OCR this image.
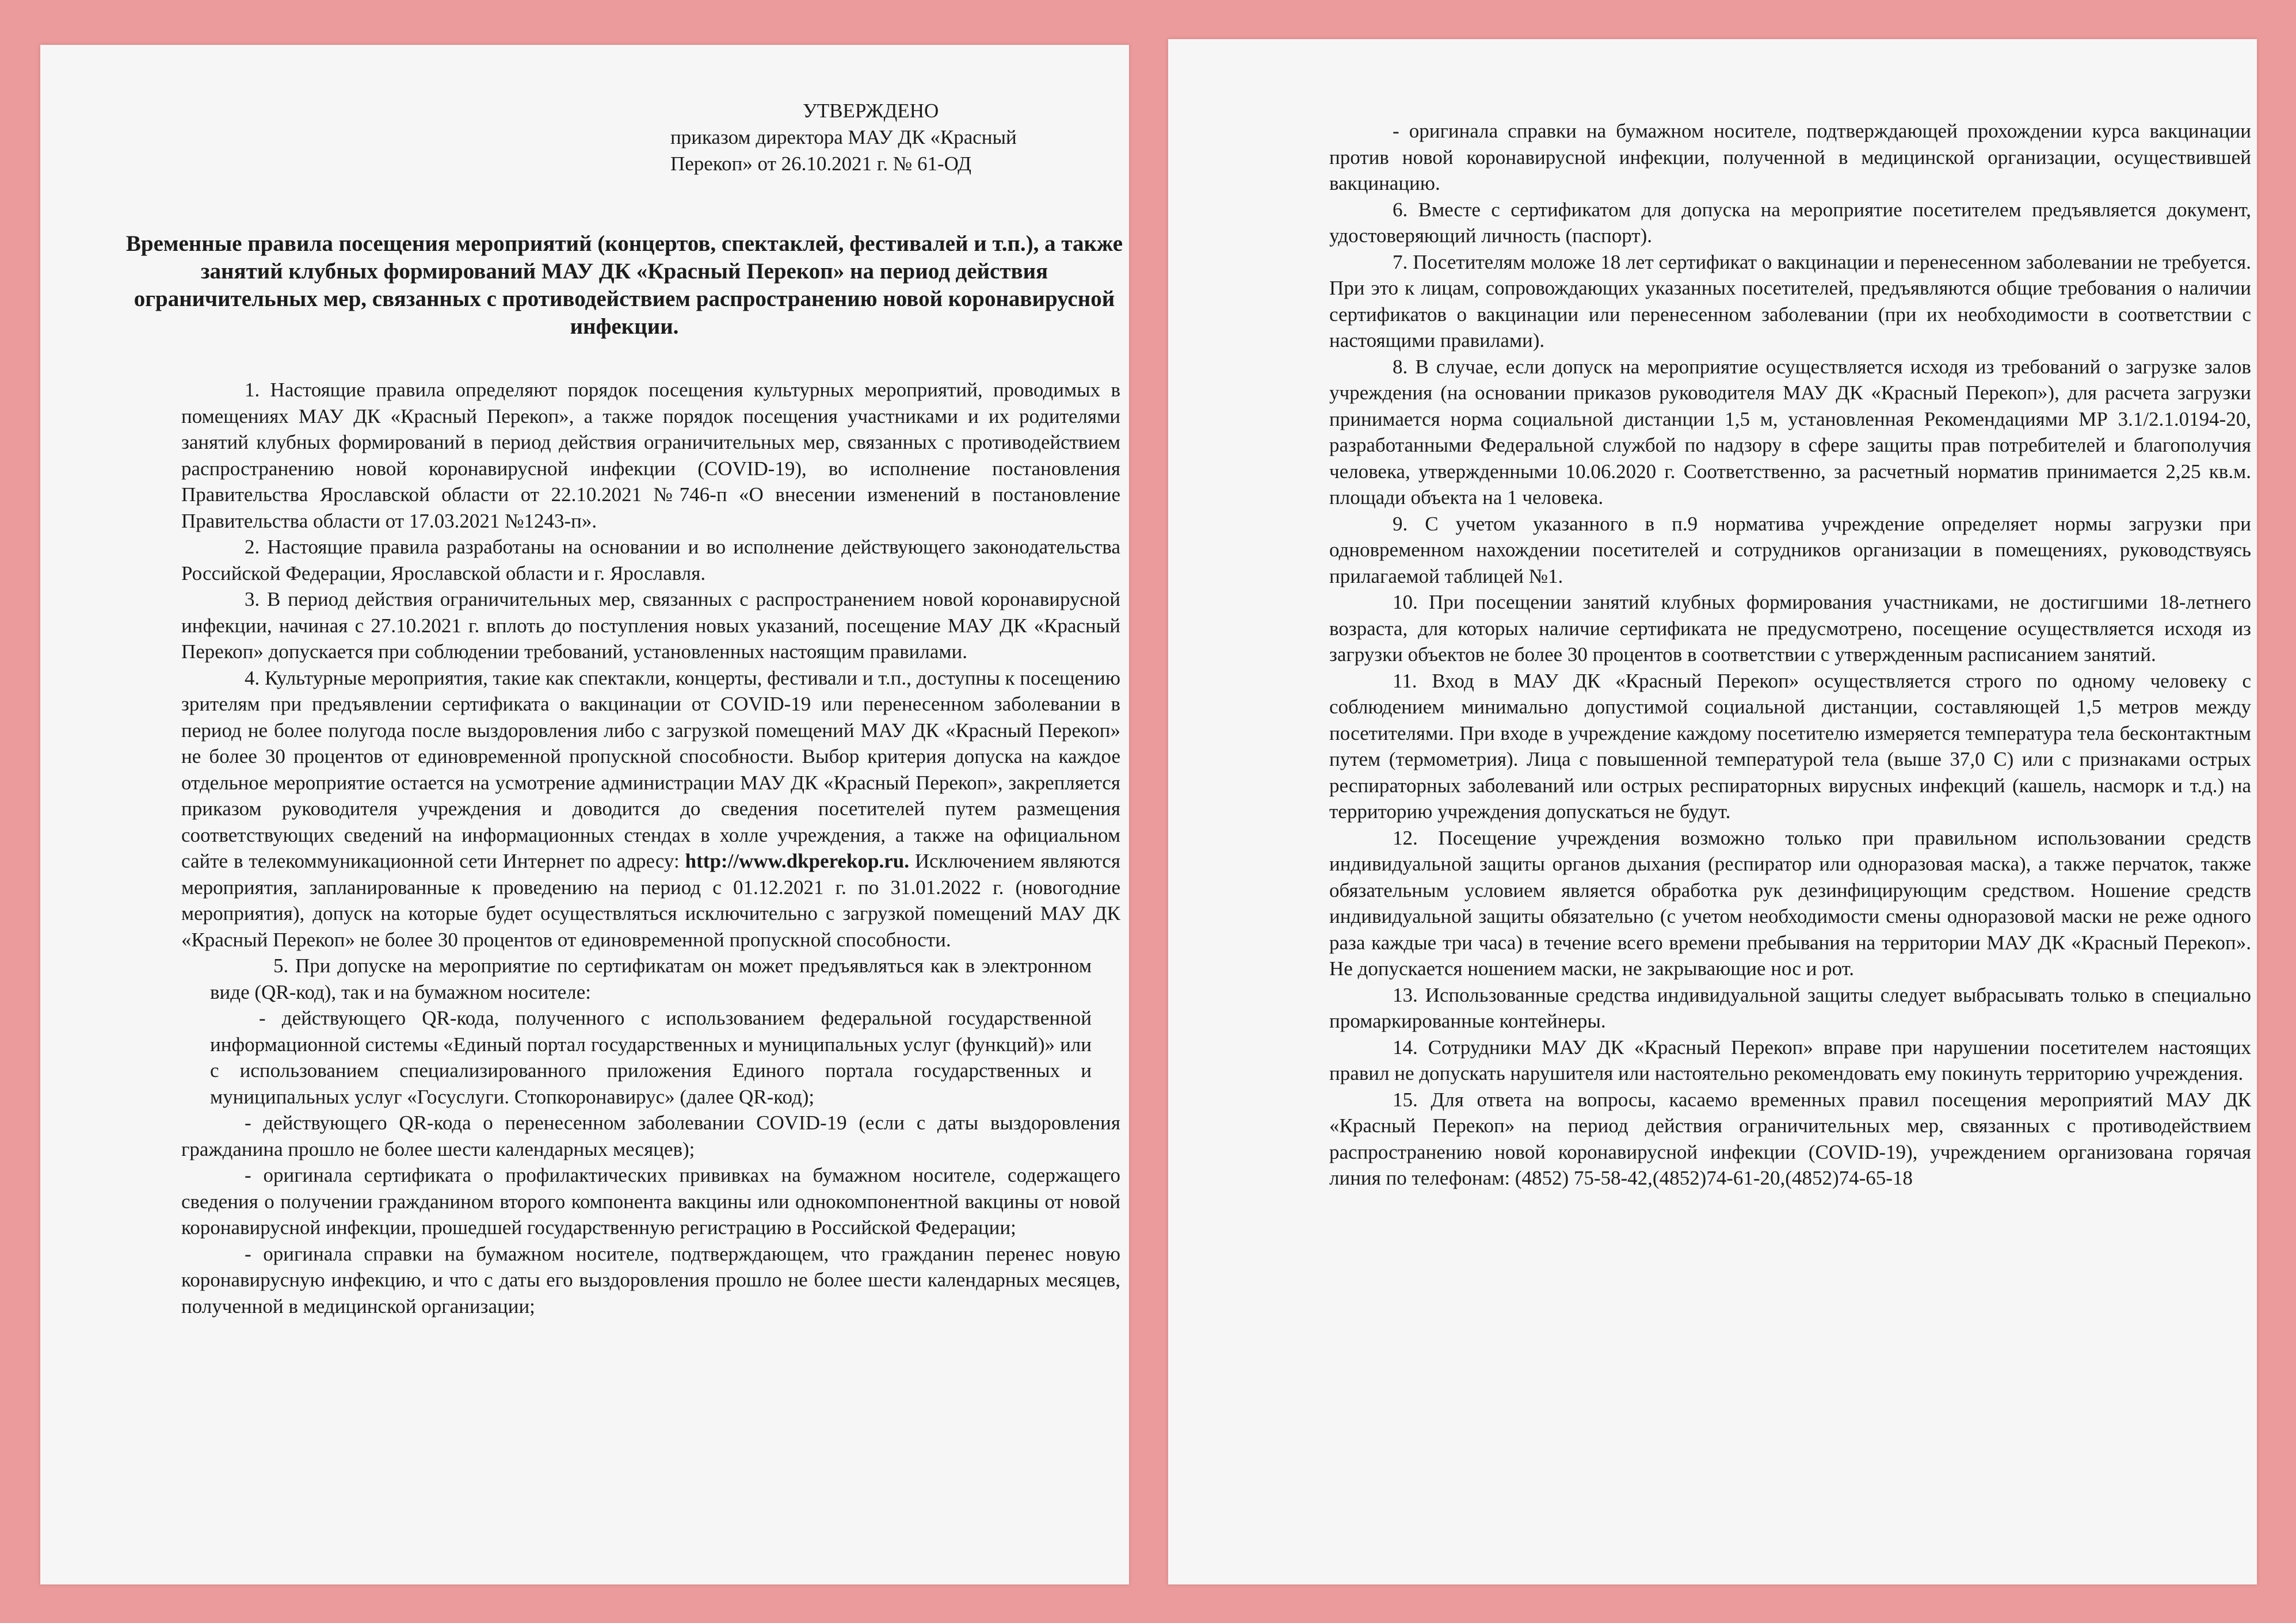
УТВЕРЖДЕНО
приказом директора МАУ ДК «Красный
Перекоп» от 26.10.2021 г. № 61-ОД
Временные правила посещения мероприятий (концертов, спектаклей, фестивалей и т.п.), а также занятий клубных формирований МАУ ДК «Красный Перекоп» на период действия ограничительных мер, связанных с противодействием распространению новой коронавирусной инфекции.

1. Настоящие правила определяют порядок посещения культурных мероприятий, проводимых в помещениях МАУ ДК «Красный Перекоп», а также порядок посещения участниками и их родителями занятий клубных формирований в период действия ограничительных мер, связанных с противодействием распространению новой коронавирусной инфекции (COVID-19), во исполнение постановления Правительства Ярославской области от 22.10.2021 №746-п «О внесении изменений в постановление Правительства области от 17.03.2021 №1243-п».

2. Настоящие правила разработаны на основании и во исполнение действующего законодательства Российской Федерации, Ярославской области и г. Ярославля.

3. В период действия ограничительных мер, связанных с распространением новой коронавирусной инфекции, начиная с 27.10.2021 г. вплоть до поступления новых указаний, посещение МАУ ДК «Красный Перекоп» допускается при соблюдении требований, установленных настоящим правилами.

4. Культурные мероприятия, такие как спектакли, концерты, фестивали и т.п., доступны к посещению зрителям при предъявлении сертификата о вакцинации от COVID-19 или перенесенном заболевании в период не более полугода после выздоровления либо с загрузкой помещений МАУ ДК «Красный Перекоп» не более 30 процентов от единовременной пропускной способности. Выбор критерия допуска на каждое отдельное мероприятие остается на усмотрение администрации МАУ ДК «Красный Перекоп», закрепляется приказом руководителя учреждения и доводится до сведения посетителей путем размещения соответствующих сведений на информационных стендах в холле учреждения, а также на официальном сайте в телекоммуникационной сети Интернет по адресу: http://www.dkperekop.ru. Исключением являются мероприятия, запланированные к проведению на период с 01.12.2021 г. по 31.01.2022 г. (новогодние мероприятия), допуск на которые будет осуществляться исключительно с загрузкой помещений МАУ ДК «Красный Перекоп» не более 30 процентов от единовременной пропускной способности.

5. При допуске на мероприятие по сертификатам он может предъявляться как в электронном виде (QR-код), так и на бумажном носителе:

- действующего QR-кода, полученного с использованием федеральной государственной информационной системы «Единый портал государственных и муниципальных услуг (функций)» или с использованием специализированного приложения Единого портала государственных и муниципальных услуг «Госуслуги. Стопкоронавирус» (далее QR-код);

- действующего QR-кода о перенесенном заболевании COVID-19 (если с даты выздоровления гражданина прошло не более шести календарных месяцев);

- оригинала сертификата о профилактических прививках на бумажном носителе, содержащего сведения о получении гражданином второго компонента вакцины или однокомпонентной вакцины от новой коронавирусной инфекции, прошедшей государственную регистрацию в Российской Федерации;

- оригинала справки на бумажном носителе, подтверждающем, что гражданин перенес новую коронавирусную инфекцию, и что с даты его выздоровления прошло не более шести календарных месяцев, полученной в медицинской организации;

- оригинала справки на бумажном носителе, подтверждающей прохождении курса вакцинации против новой коронавирусной инфекции, полученной в медицинской организации, осуществившей вакцинацию.

6. Вместе с сертификатом для допуска на мероприятие посетителем предъявляется документ, удостоверяющий личность (паспорт).

7. Посетителям моложе 18 лет сертификат о вакцинации и перенесенном заболевании не требуется. При это к лицам, сопровождающих указанных посетителей, предъявляются общие требования о наличии сертификатов о вакцинации или перенесенном заболевании (при их необходимости в соответствии с настоящими правилами).

8. В случае, если допуск на мероприятие осуществляется исходя из требований о загрузке залов учреждения (на основании приказов руководителя МАУ ДК «Красный Перекоп»), для расчета загрузки принимается норма социальной дистанции 1,5 м, установленная Рекомендациями МР 3.1/2.1.0194-20, разработанными Федеральной службой по надзору в сфере защиты прав потребителей и благополучия человека, утвержденными 10.06.2020 г. Соответственно, за расчетный норматив принимается 2,25 кв.м. площади объекта на 1 человека.

9. С учетом указанного в п.9 норматива учреждение определяет нормы загрузки при одновременном нахождении посетителей и сотрудников организации в помещениях, руководствуясь прилагаемой таблицей №1.

10. При посещении занятий клубных формирования участниками, не достигшими 18-летнего возраста, для которых наличие сертификата не предусмотрено, посещение осуществляется исходя из загрузки объектов не более 30 процентов в соответствии с утвержденным расписанием занятий.

11. Вход в МАУ ДК «Красный Перекоп» осуществляется строго по одному человеку с соблюдением минимально допустимой социальной дистанции, составляющей 1,5 метров между посетителями. При входе в учреждение каждому посетителю измеряется температура тела бесконтактным путем (термометрия). Лица с повышенной температурой тела (выше 37,0 С) или с признаками острых респираторных заболеваний или острых респираторных вирусных инфекций (кашель, насморк и т.д.) на территорию учреждения допускаться не будут.

12. Посещение учреждения возможно только при правильном использовании средств индивидуальной защиты органов дыхания (респиратор или одноразовая маска), а также перчаток, также обязательным условием является обработка рук дезинфицирующим средством. Ношение средств индивидуальной защиты обязательно (с учетом необходимости смены одноразовой маски не реже одного раза каждые три часа) в течение всего времени пребывания на территории МАУ ДК «Красный Перекоп». Не допускается ношением маски, не закрывающие нос и рот.

13. Использованные средства индивидуальной защиты следует выбрасывать только в специально промаркированные контейнеры.

14. Сотрудники МАУ ДК «Красный Перекоп» вправе при нарушении посетителем настоящих правил не допускать нарушителя или настоятельно рекомендовать ему покинуть территорию учреждения.

15. Для ответа на вопросы, касаемо временных правил посещения мероприятий МАУ ДК «Красный Перекоп» на период действия ограничительных мер, связанных с противодействием распространению новой коронавирусной инфекции (COVID-19), учреждением организована горячая линия по телефонам: (4852) 75-58-42,(4852)74-61-20,(4852)74-65-18
